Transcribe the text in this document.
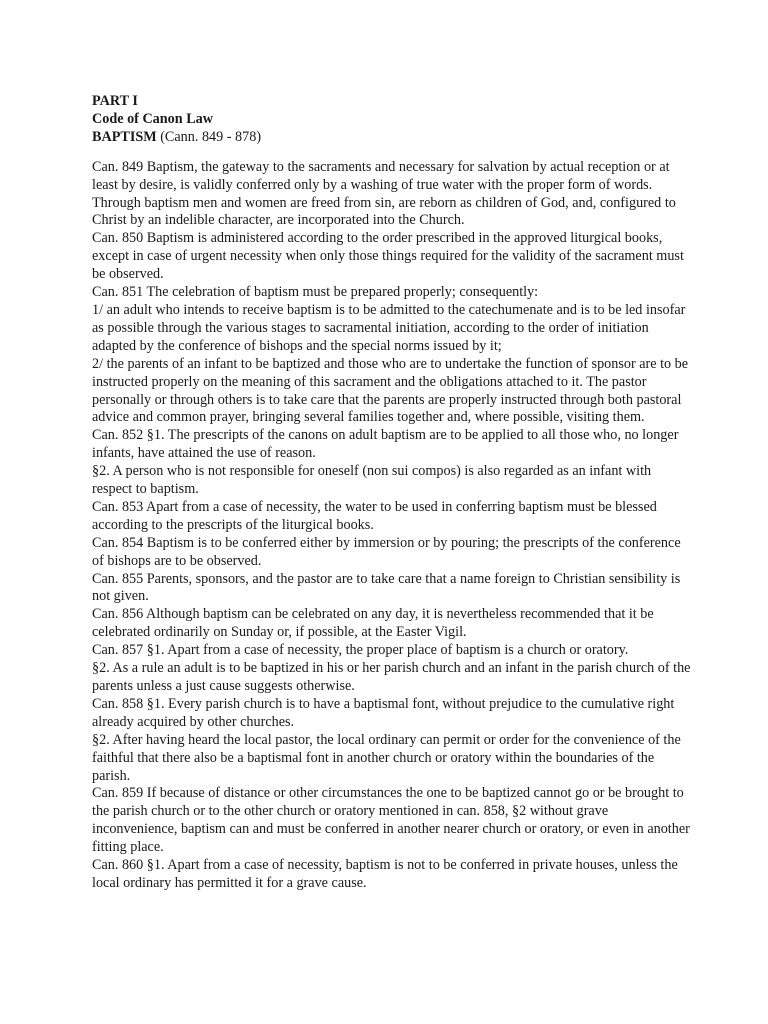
PART I
Code of Canon Law
BAPTISM (Cann. 849 - 878)

Can. 849 Baptism, the gateway to the sacraments and necessary for salvation by actual reception or at least by desire, is validly conferred only by a washing of true water with the proper form of words. Through baptism men and women are freed from sin, are reborn as children of God, and, configured to Christ by an indelible character, are incorporated into the Church.

Can. 850 Baptism is administered according to the order prescribed in the approved liturgical books, except in case of urgent necessity when only those things required for the validity of the sacrament must be observed.

Can. 851 The celebration of baptism must be prepared properly; consequently:

1/ an adult who intends to receive baptism is to be admitted to the catechumenate and is to be led insofar as possible through the various stages to sacramental initiation, according to the order of initiation adapted by the conference of bishops and the special norms issued by it;

2/ the parents of an infant to be baptized and those who are to undertake the function of sponsor are to be instructed properly on the meaning of this sacrament and the obligations attached to it. The pastor personally or through others is to take care that the parents are properly instructed through both pastoral advice and common prayer, bringing several families together and, where possible, visiting them.

Can. 852 §1. The prescripts of the canons on adult baptism are to be applied to all those who, no longer infants, have attained the use of reason.

§2. A person who is not responsible for oneself (non sui compos) is also regarded as an infant with respect to baptism.

Can. 853 Apart from a case of necessity, the water to be used in conferring baptism must be blessed according to the prescripts of the liturgical books.

Can. 854 Baptism is to be conferred either by immersion or by pouring; the prescripts of the conference of bishops are to be observed.

Can. 855 Parents, sponsors, and the pastor are to take care that a name foreign to Christian sensibility is not given.

Can. 856 Although baptism can be celebrated on any day, it is nevertheless recommended that it be celebrated ordinarily on Sunday or, if possible, at the Easter Vigil.

Can. 857 §1. Apart from a case of necessity, the proper place of baptism is a church or oratory.

§2. As a rule an adult is to be baptized in his or her parish church and an infant in the parish church of the parents unless a just cause suggests otherwise.

Can. 858 §1. Every parish church is to have a baptismal font, without prejudice to the cumulative right already acquired by other churches.

§2. After having heard the local pastor, the local ordinary can permit or order for the convenience of the faithful that there also be a baptismal font in another church or oratory within the boundaries of the parish.

Can. 859 If because of distance or other circumstances the one to be baptized cannot go or be brought to the parish church or to the other church or oratory mentioned in can. 858, §2 without grave inconvenience, baptism can and must be conferred in another nearer church or oratory, or even in another fitting place.

Can. 860 §1. Apart from a case of necessity, baptism is not to be conferred in private houses, unless the local ordinary has permitted it for a grave cause.
